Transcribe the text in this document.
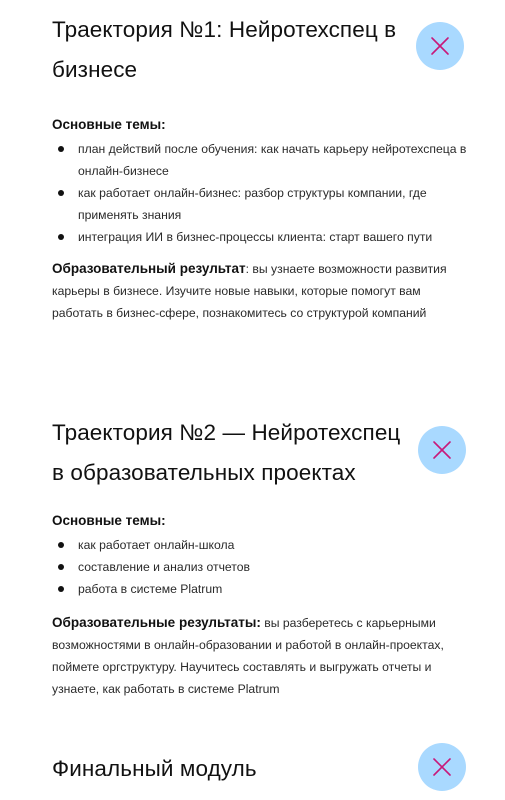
Траектория №1: Нейротехспец в бизнесе
Основные темы:
план действий после обучения: как начать карьеру нейротехспеца в онлайн-бизнесе
как работает онлайн-бизнес: разбор структуры компании, где применять знания
интеграция ИИ в бизнес-процессы клиента: старт вашего пути

Образовательный результат: вы узнаете возможности развития карьеры в бизнесе. Изучите новые навыки, которые помогут вам работать в бизнес-сфере, познакомитесь со структурой компаний

Траектория №2 — Нейротехспец в образовательных проектах
Основные темы:
как работает онлайн-школа
составление и анализ отчетов
работа в системе Platrum

Образовательные результаты: вы разберетесь с карьерными возможностями в онлайн-образовании и работой в онлайн-проектах, поймете оргструктуру. Научитесь составлять и выгружать отчеты и узнаете, как работать в системе Platrum

Финальный модуль
